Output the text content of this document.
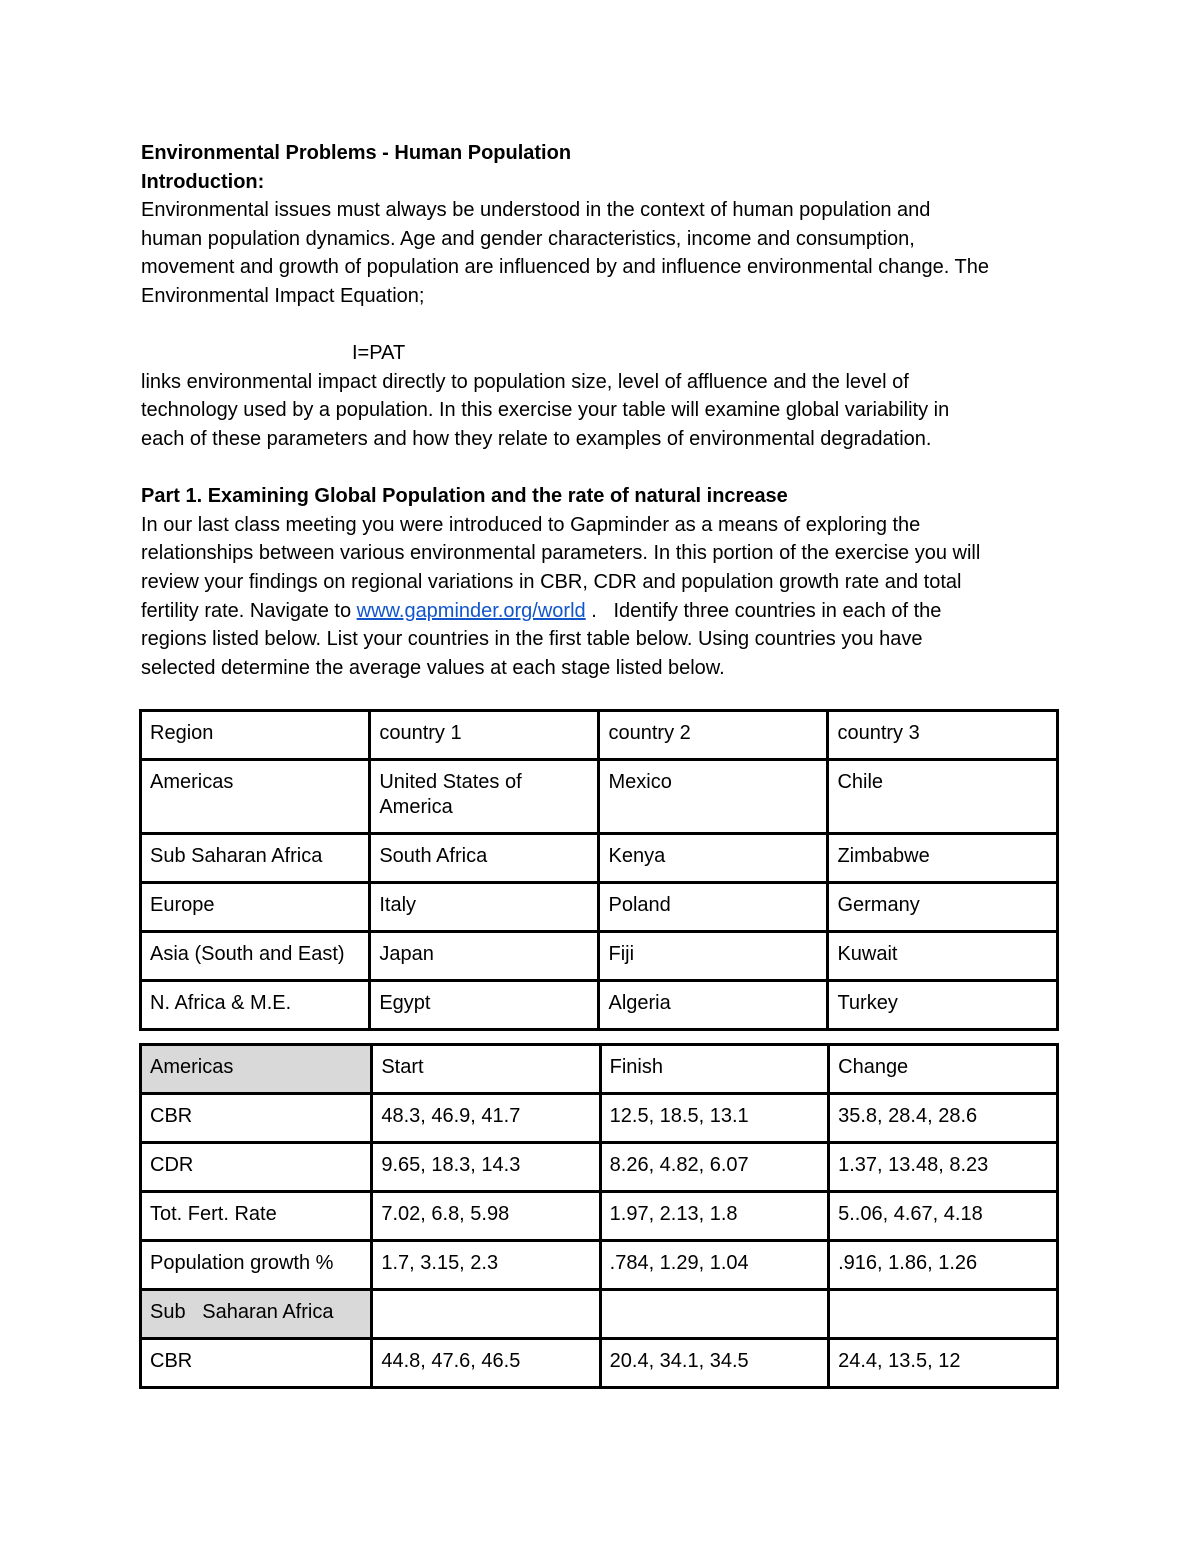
Environmental Problems - Human Population

Introduction:

Environmental issues must always be understood in the context of human population and

human population dynamics. Age and gender characteristics, income and consumption,

movement and growth of population are influenced by and influence environmental change. The

Environmental Impact Equation;

I=PAT

links environmental impact directly to population size, level of affluence and the level of

technology used by a population. In this exercise your table will examine global variability in

each of these parameters and how they relate to examples of environmental degradation.

Part 1. Examining Global Population and the rate of natural increase

In our last class meeting you were introduced to Gapminder as a means of exploring the

relationships between various environmental parameters. In this portion of the exercise you will

review your findings on regional variations in CBR, CDR and population growth rate and total

fertility rate. Navigate to www.gapminder.org/world .   Identify three countries in each of the

regions listed below. List your countries in the first table below. Using countries you have

selected determine the average values at each stage listed below.

Region	country 1	country 2	country 3
Americas	United States of America	Mexico	Chile
Sub Saharan Africa	South Africa	Kenya	Zimbabwe
Europe	Italy	Poland	Germany
Asia (South and East)	Japan	Fiji	Kuwait
N. Africa & M.E.	Egypt	Algeria	Turkey
Americas	Start	Finish	Change
CBR	48.3, 46.9, 41.7	12.5, 18.5, 13.1	35.8, 28.4, 28.6
CDR	9.65, 18.3, 14.3	8.26, 4.82, 6.07	1.37, 13.48, 8.23
Tot. Fert. Rate	7.02, 6.8, 5.98	1.97, 2.13, 1.8	5..06, 4.67, 4.18
Population growth %	1.7, 3.15, 2.3	.784, 1.29, 1.04	.916, 1.86, 1.26
Sub   Saharan Africa			
CBR	44.8, 47.6, 46.5	20.4, 34.1, 34.5	24.4, 13.5, 12
